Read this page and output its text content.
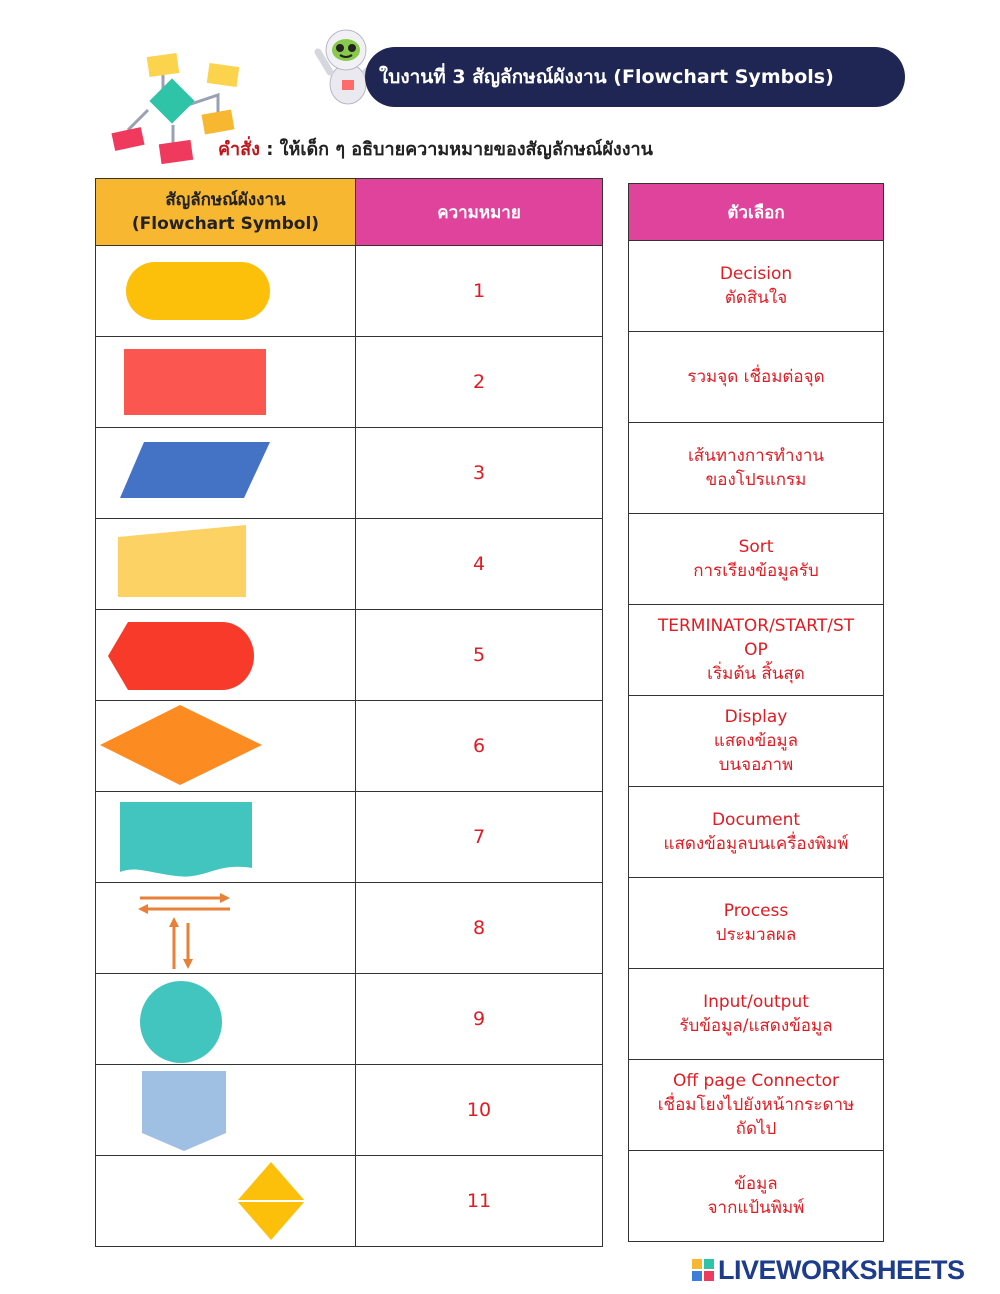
ใบงานที่ 3 สัญลักษณ์ผังงาน (Flowchart Symbols)
คำสั่ง : ให้เด็ก ๆ อธิบายความหมายของสัญลักษณ์ผังงาน
สัญลักษณ์ผังงาน
(Flowchart Symbol)	ความหมาย

	1

	2

	3

	4

	5

	6

	7

	8

	9

	10

	11
ตัวเลือก

Decision
ตัดสินใจ

รวมจุด เชื่อมต่อจุด

เส้นทางการทำงาน
ของโปรแกรม

Sort
การเรียงข้อมูลรับ

TERMINATOR/START/ST
OP
เริ่มต้น สิ้นสุด

Display
แสดงข้อมูล
บนจอภาพ

Document
แสดงข้อมูลบนเครื่องพิมพ์

Process
ประมวลผล

Input/output
รับข้อมูล/แสดงข้อมูล

Off page Connector
เชื่อมโยงไปยังหน้ากระดาษ
ถัดไป

ข้อมูล
จากแป้นพิมพ์
LIVEWORKSHEETS
